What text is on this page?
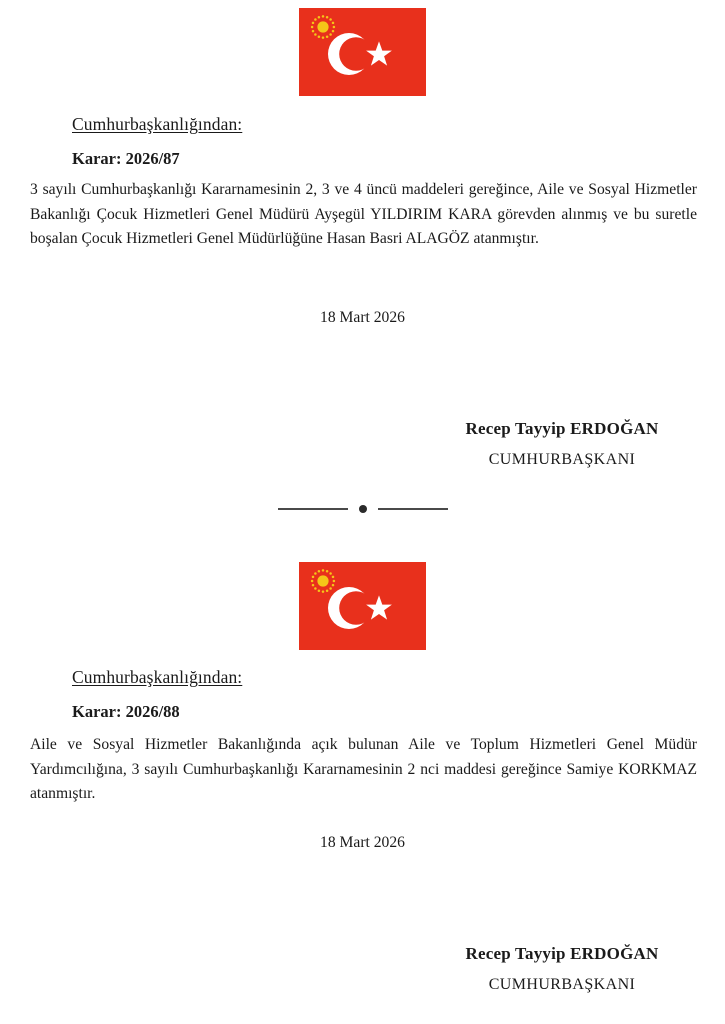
Cumhurbaşkanlığından:

Karar: 2026/87

3 sayılı Cumhurbaşkanlığı Kararnamesinin 2, 3 ve 4 üncü maddeleri gereğince, Aile ve Sosyal Hizmetler Bakanlığı Çocuk Hizmetleri Genel Müdürü Ayşegül YILDIRIM KARA görevden alınmış ve bu suretle boşalan Çocuk Hizmetleri Genel Müdürlüğüne Hasan Basri ALAGÖZ atanmıştır.

18 Mart 2026

Recep Tayyip ERDOĞAN

CUMHURBAŞKANI

Cumhurbaşkanlığından:

Karar: 2026/88

Aile ve Sosyal Hizmetler Bakanlığında açık bulunan Aile ve Toplum Hizmetleri Genel Müdür Yardımcılığına, 3 sayılı Cumhurbaşkanlığı Kararnamesinin 2 nci maddesi gereğince Samiye KORKMAZ atanmıştır.

18 Mart 2026

Recep Tayyip ERDOĞAN

CUMHURBAŞKANI
